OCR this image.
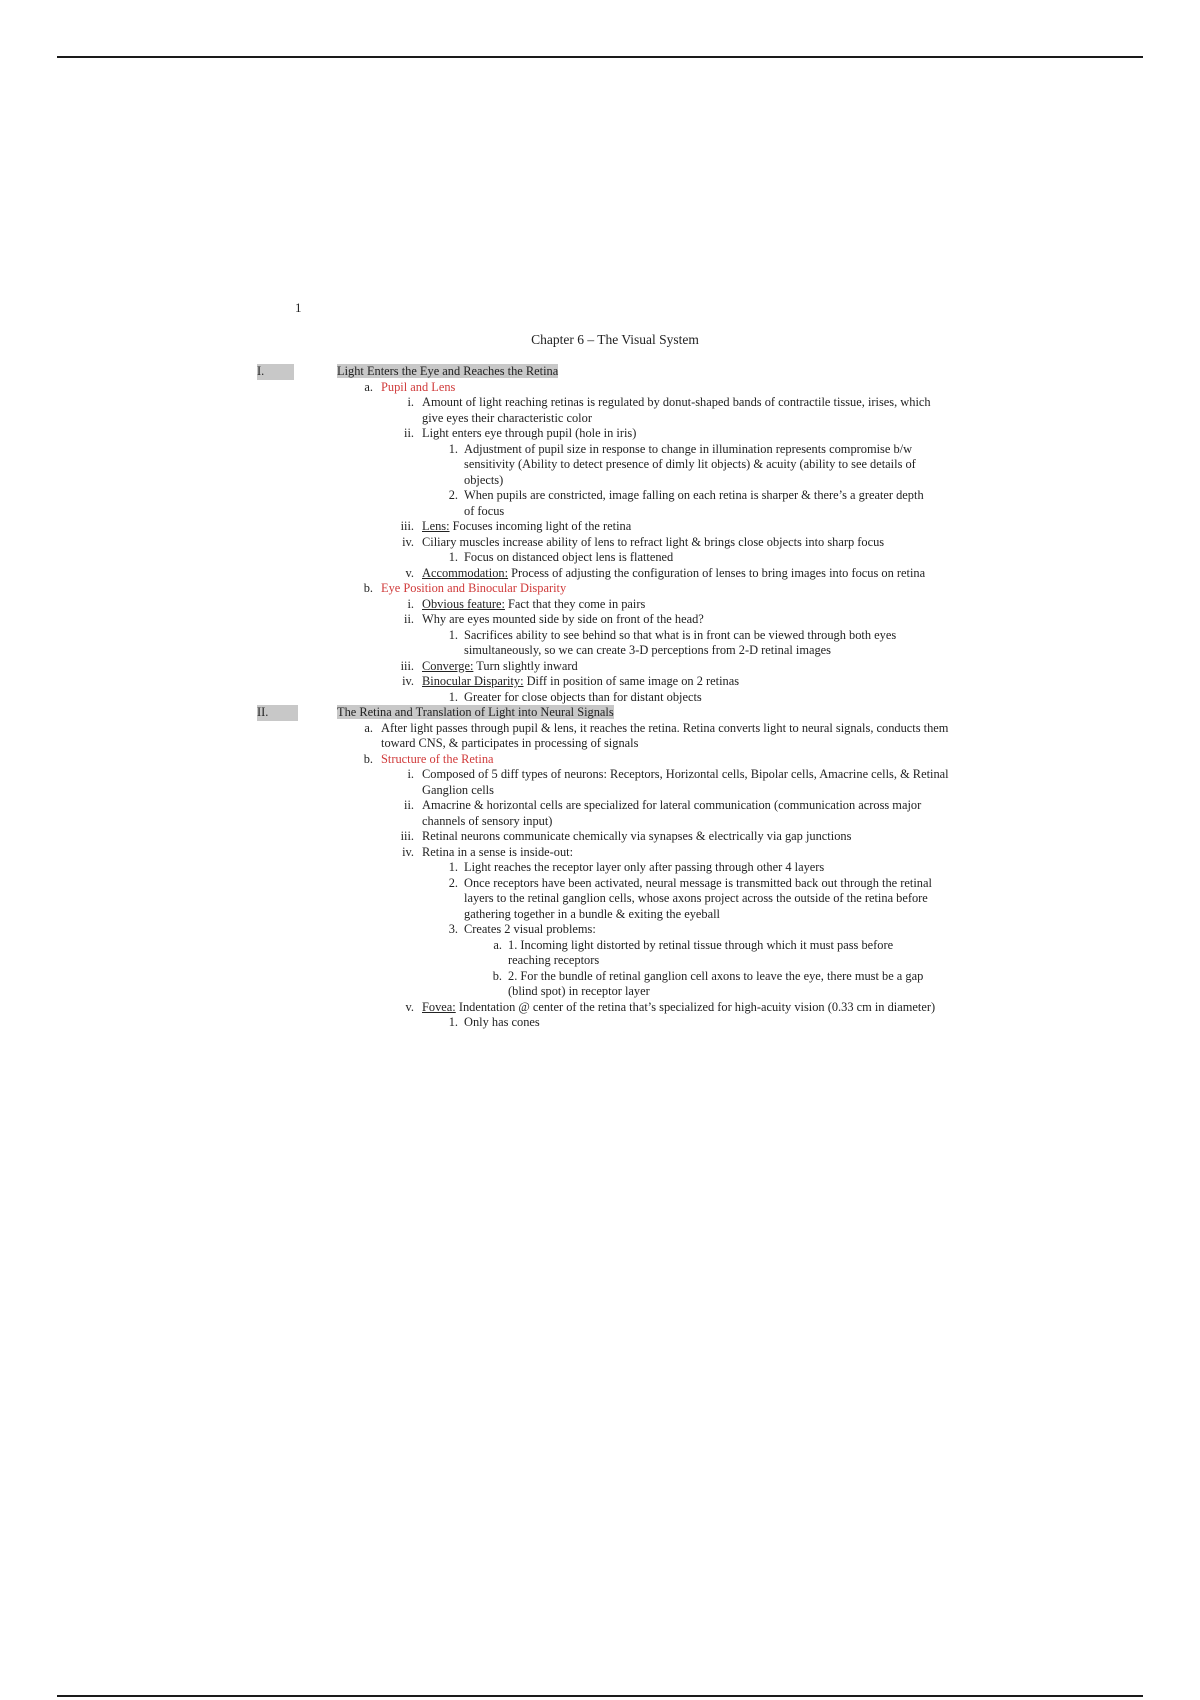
1
Chapter 6 – The Visual System
I.	Light Enters the Eye and Reaches the Retina
a. Pupil and Lens
i. Amount of light reaching retinas is regulated by donut-shaped bands of contractile tissue, irises, which give eyes their characteristic color
ii. Light enters eye through pupil (hole in iris)
1. Adjustment of pupil size in response to change in illumination represents compromise b/w sensitivity (Ability to detect presence of dimly lit objects) & acuity (ability to see details of objects)
2. When pupils are constricted, image falling on each retina is sharper & there’s a greater depth of focus
iii. Lens: Focuses incoming light of the retina
iv. Ciliary muscles increase ability of lens to refract light & brings close objects into sharp focus
1. Focus on distanced object lens is flattened
v. Accommodation: Process of adjusting the configuration of lenses to bring images into focus on retina
b. Eye Position and Binocular Disparity
i. Obvious feature: Fact that they come in pairs
ii. Why are eyes mounted side by side on front of the head?
1. Sacrifices ability to see behind so that what is in front can be viewed through both eyes simultaneously, so we can create 3-D perceptions from 2-D retinal images
iii. Converge: Turn slightly inward
iv. Binocular Disparity: Diff in position of same image on 2 retinas
1. Greater for close objects than for distant objects
II.	The Retina and Translation of Light into Neural Signals
a. After light passes through pupil & lens, it reaches the retina. Retina converts light to neural signals, conducts them toward CNS, & participates in processing of signals
b. Structure of the Retina
i. Composed of 5 diff types of neurons: Receptors, Horizontal cells, Bipolar cells, Amacrine cells, & Retinal Ganglion cells
ii. Amacrine & horizontal cells are specialized for lateral communication (communication across major channels of sensory input)
iii. Retinal neurons communicate chemically via synapses & electrically via gap junctions
iv. Retina in a sense is inside-out:
1. Light reaches the receptor layer only after passing through other 4 layers
2. Once receptors have been activated, neural message is transmitted back out through the retinal layers to the retinal ganglion cells, whose axons project across the outside of the retina before gathering together in a bundle & exiting the eyeball
3. Creates 2 visual problems:
a. 1. Incoming light distorted by retinal tissue through which it must pass before reaching receptors
b. 2. For the bundle of retinal ganglion cell axons to leave the eye, there must be a gap (blind spot) in receptor layer
v. Fovea: Indentation @ center of the retina that’s specialized for high-acuity vision (0.33 cm in diameter)
1. Only has cones
